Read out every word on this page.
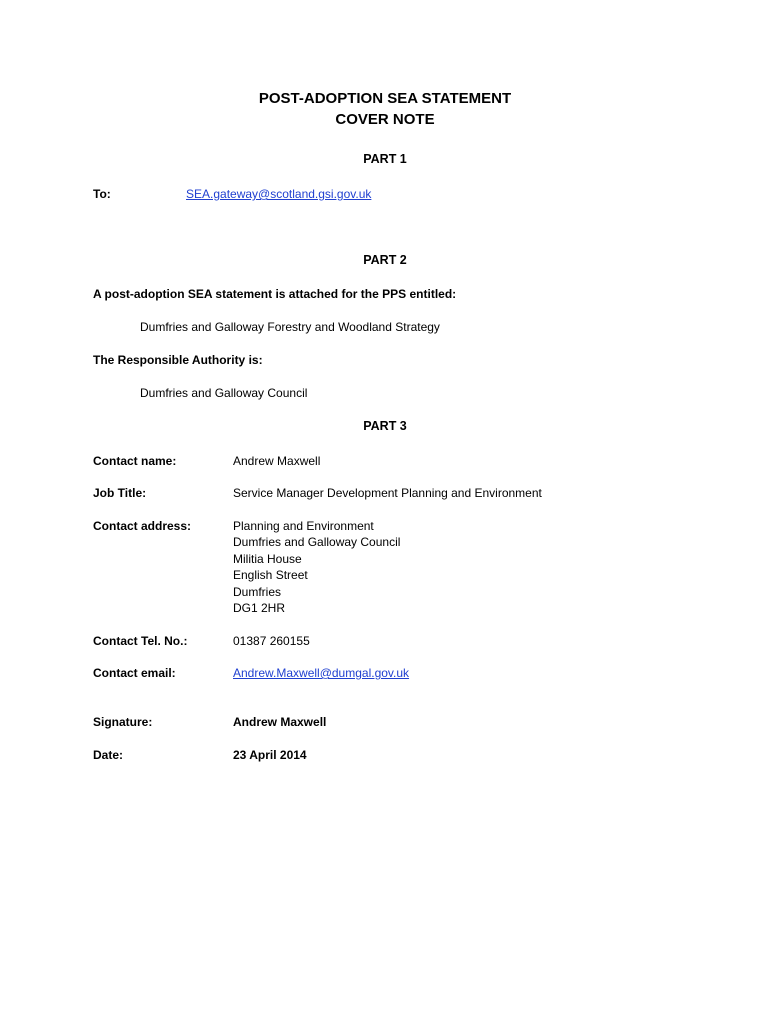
POST-ADOPTION SEA STATEMENT
COVER NOTE
PART 1
To:	SEA.gateway@scotland.gsi.gov.uk
PART 2
A post-adoption SEA statement is attached for the PPS entitled:
Dumfries and Galloway Forestry and Woodland Strategy
The Responsible Authority is:
Dumfries and Galloway Council
PART 3
Contact name:	Andrew Maxwell
Job Title:	Service Manager Development Planning and Environment
Contact address:	Planning and Environment
Dumfries and Galloway Council
Militia House
English Street
Dumfries
DG1 2HR
Contact Tel. No.:	01387 260155
Contact email:	Andrew.Maxwell@dumgal.gov.uk
Signature:	Andrew Maxwell
Date:	23 April 2014
